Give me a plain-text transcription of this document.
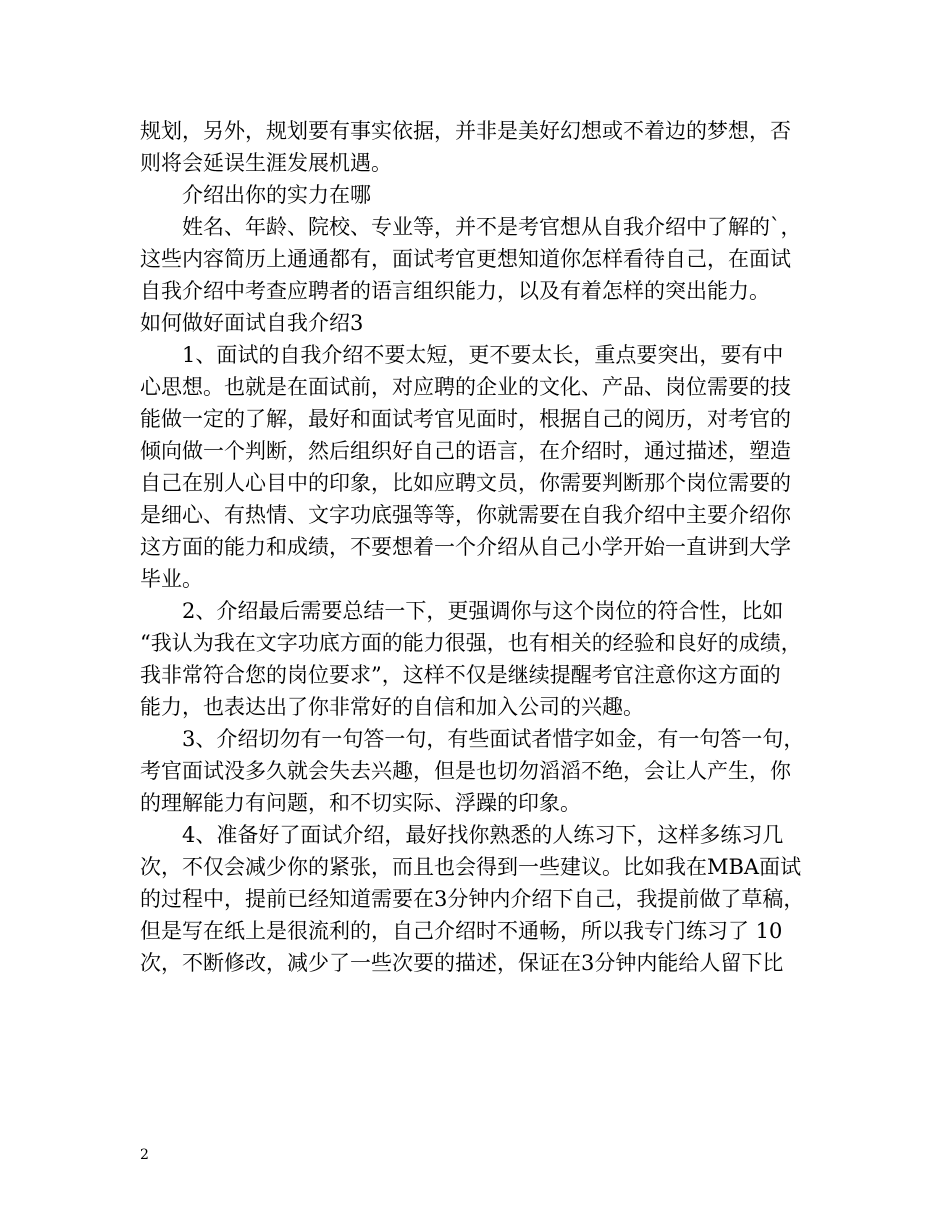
规划，另外，规划要有事实依据，并非是美好幻想或不着边的梦想，否
则将会延误生涯发展机遇。
介绍出你的实力在哪
姓名、年龄、院校、专业等，并不是考官想从自我介绍中了解的`，
这些内容简历上通通都有，面试考官更想知道你怎样看待自己，在面试
自我介绍中考查应聘者的语言组织能力，以及有着怎样的突出能力。
如何做好面试自我介绍3
1、面试的自我介绍不要太短，更不要太长，重点要突出，要有中
心思想。也就是在面试前，对应聘的企业的文化、产品、岗位需要的技
能做一定的了解，最好和面试考官见面时，根据自己的阅历，对考官的
倾向做一个判断，然后组织好自己的语言，在介绍时，通过描述，塑造
自己在别人心目中的印象，比如应聘文员，你需要判断那个岗位需要的
是细心、有热情、文字功底强等等，你就需要在自我介绍中主要介绍你
这方面的能力和成绩，不要想着一个介绍从自己小学开始一直讲到大学
毕业。
2、介绍最后需要总结一下，更强调你与这个岗位的符合性，比如
“我认为我在文字功底方面的能力很强，也有相关的经验和良好的成绩，
我非常符合您的岗位要求”，这样不仅是继续提醒考官注意你这方面的
能力，也表达出了你非常好的自信和加入公司的兴趣。
3、介绍切勿有一句答一句，有些面试者惜字如金，有一句答一句，
考官面试没多久就会失去兴趣，但是也切勿滔滔不绝，会让人产生，你
的理解能力有问题，和不切实际、浮躁的印象。
4、准备好了面试介绍，最好找你熟悉的人练习下，这样多练习几
次，不仅会减少你的紧张，而且也会得到一些建议。比如我在MBA面试
的过程中，提前已经知道需要在3分钟内介绍下自己，我提前做了草稿，
但是写在纸上是很流利的，自己介绍时不通畅，所以我专门练习了 10
次，不断修改，减少了一些次要的描述，保证在3分钟内能给人留下比
2
